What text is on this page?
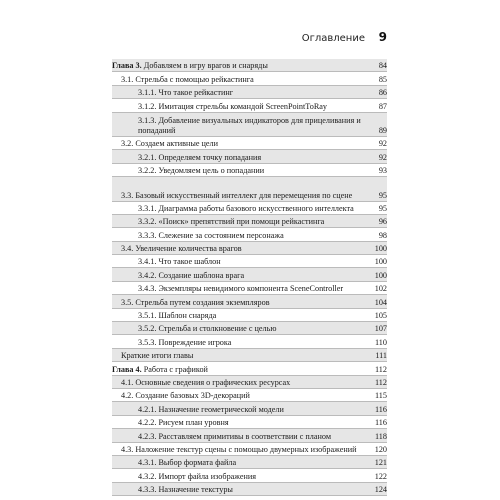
Оглавление 9
Глава 3. Добавляем в игру врагов и снаряды	84
3.1. Стрельба с помощью рейкастинга	85
3.1.1. Что такое рейкастинг	86
3.1.2. Имитация стрельбы командой ScreenPointToRay	87
3.1.3. Добавление визуальных индикаторов для прицеливания и попаданий	89
3.2. Создаем активные цели	92
3.2.1. Определяем точку попадания	92
3.2.2. Уведомляем цель о попадании	93
3.3. Базовый искусственный интеллект для перемещения по сцене	95
3.3.1. Диаграмма работы базового искусственного интеллекта	95
3.3.2. «Поиск» препятствий при помощи рейкастинга	96
3.3.3. Слежение за состоянием персонажа	98
3.4. Увеличение количества врагов	100
3.4.1. Что такое шаблон	100
3.4.2. Создание шаблона врага	100
3.4.3. Экземпляры невидимого компонента SceneController	102
3.5. Стрельба путем создания экземпляров	104
3.5.1. Шаблон снаряда	105
3.5.2. Стрельба и столкновение с целью	107
3.5.3. Повреждение игрока	110
Краткие итоги главы	111
Глава 4. Работа с графикой	112
4.1. Основные сведения о графических ресурсах	112
4.2. Создание базовых 3D-декораций	115
4.2.1. Назначение геометрической модели	116
4.2.2. Рисуем план уровня	116
4.2.3. Расставляем примитивы в соответствии с планом	118
4.3. Наложение текстур сцены с помощью двумерных изображений	120
4.3.1. Выбор формата файла	121
4.3.2. Импорт файла изображения	122
4.3.3. Назначение текстуры	124
